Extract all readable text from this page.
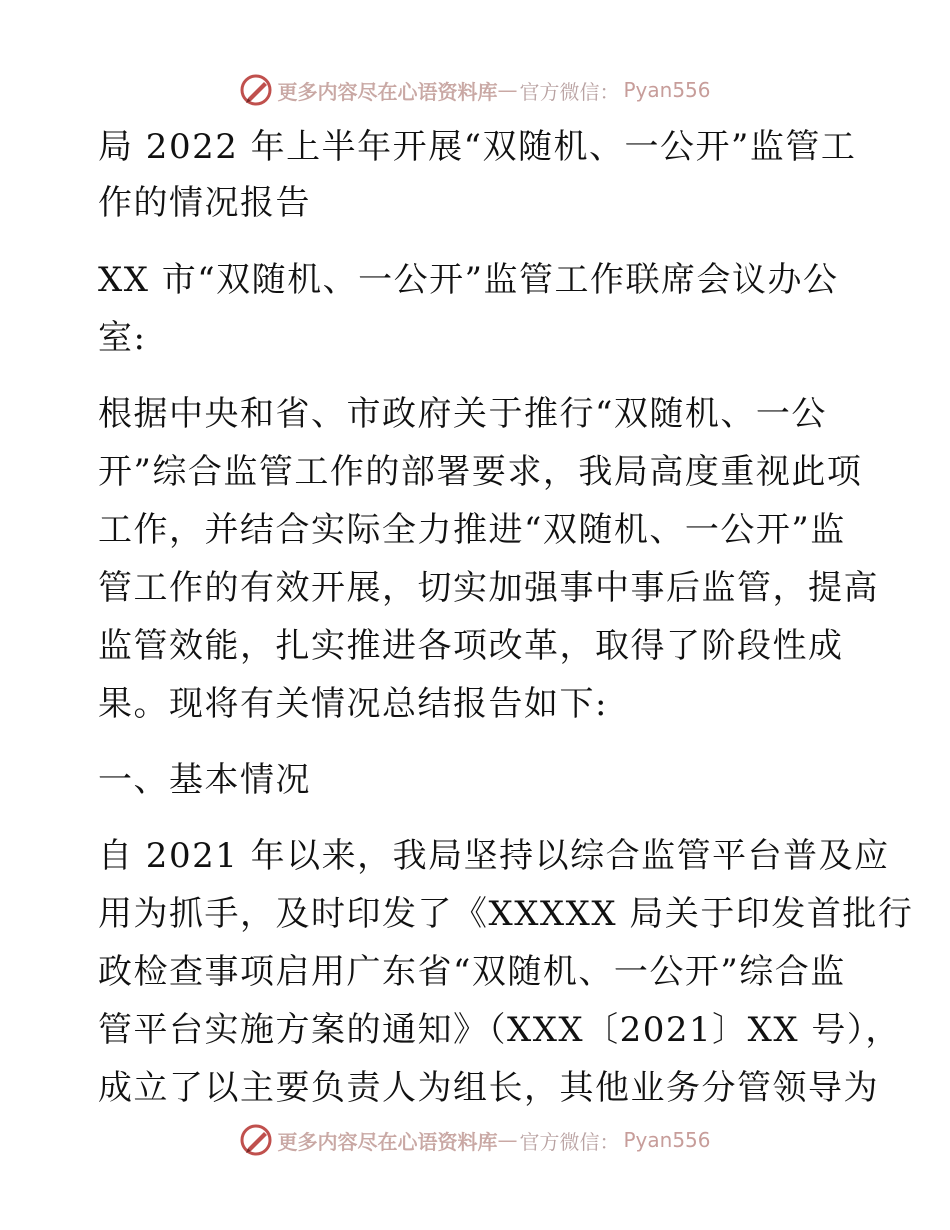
更多内容尽在心语资料库 — 官方微信： Pyan556
局 2022 年上半年开展“双随机、一公开”监管工
作的情况报告
XX 市“双随机、一公开”监管工作联席会议办公
室:
根据中央和省、市政府关于推行“双随机、一公
开”综合监管工作的部署要求，我局高度重视此项
工作，并结合实际全力推进“双随机、一公开”监
管工作的有效开展，切实加强事中事后监管，提高
监管效能，扎实推进各项改革，取得了阶段性成
果。现将有关情况总结报告如下:
一、基本情况
自 2021 年以来，我局坚持以综合监管平台普及应
用为抓手，及时印发了《XXXXX 局关于印发首批行
政检查事项启用广东省“双随机、一公开”综合监
管平台实施方案的通知》（XXX〔2021〕XX 号），
成立了以主要负责人为组长，其他业务分管领导为
更多内容尽在心语资料库 — 官方微信： Pyan556
